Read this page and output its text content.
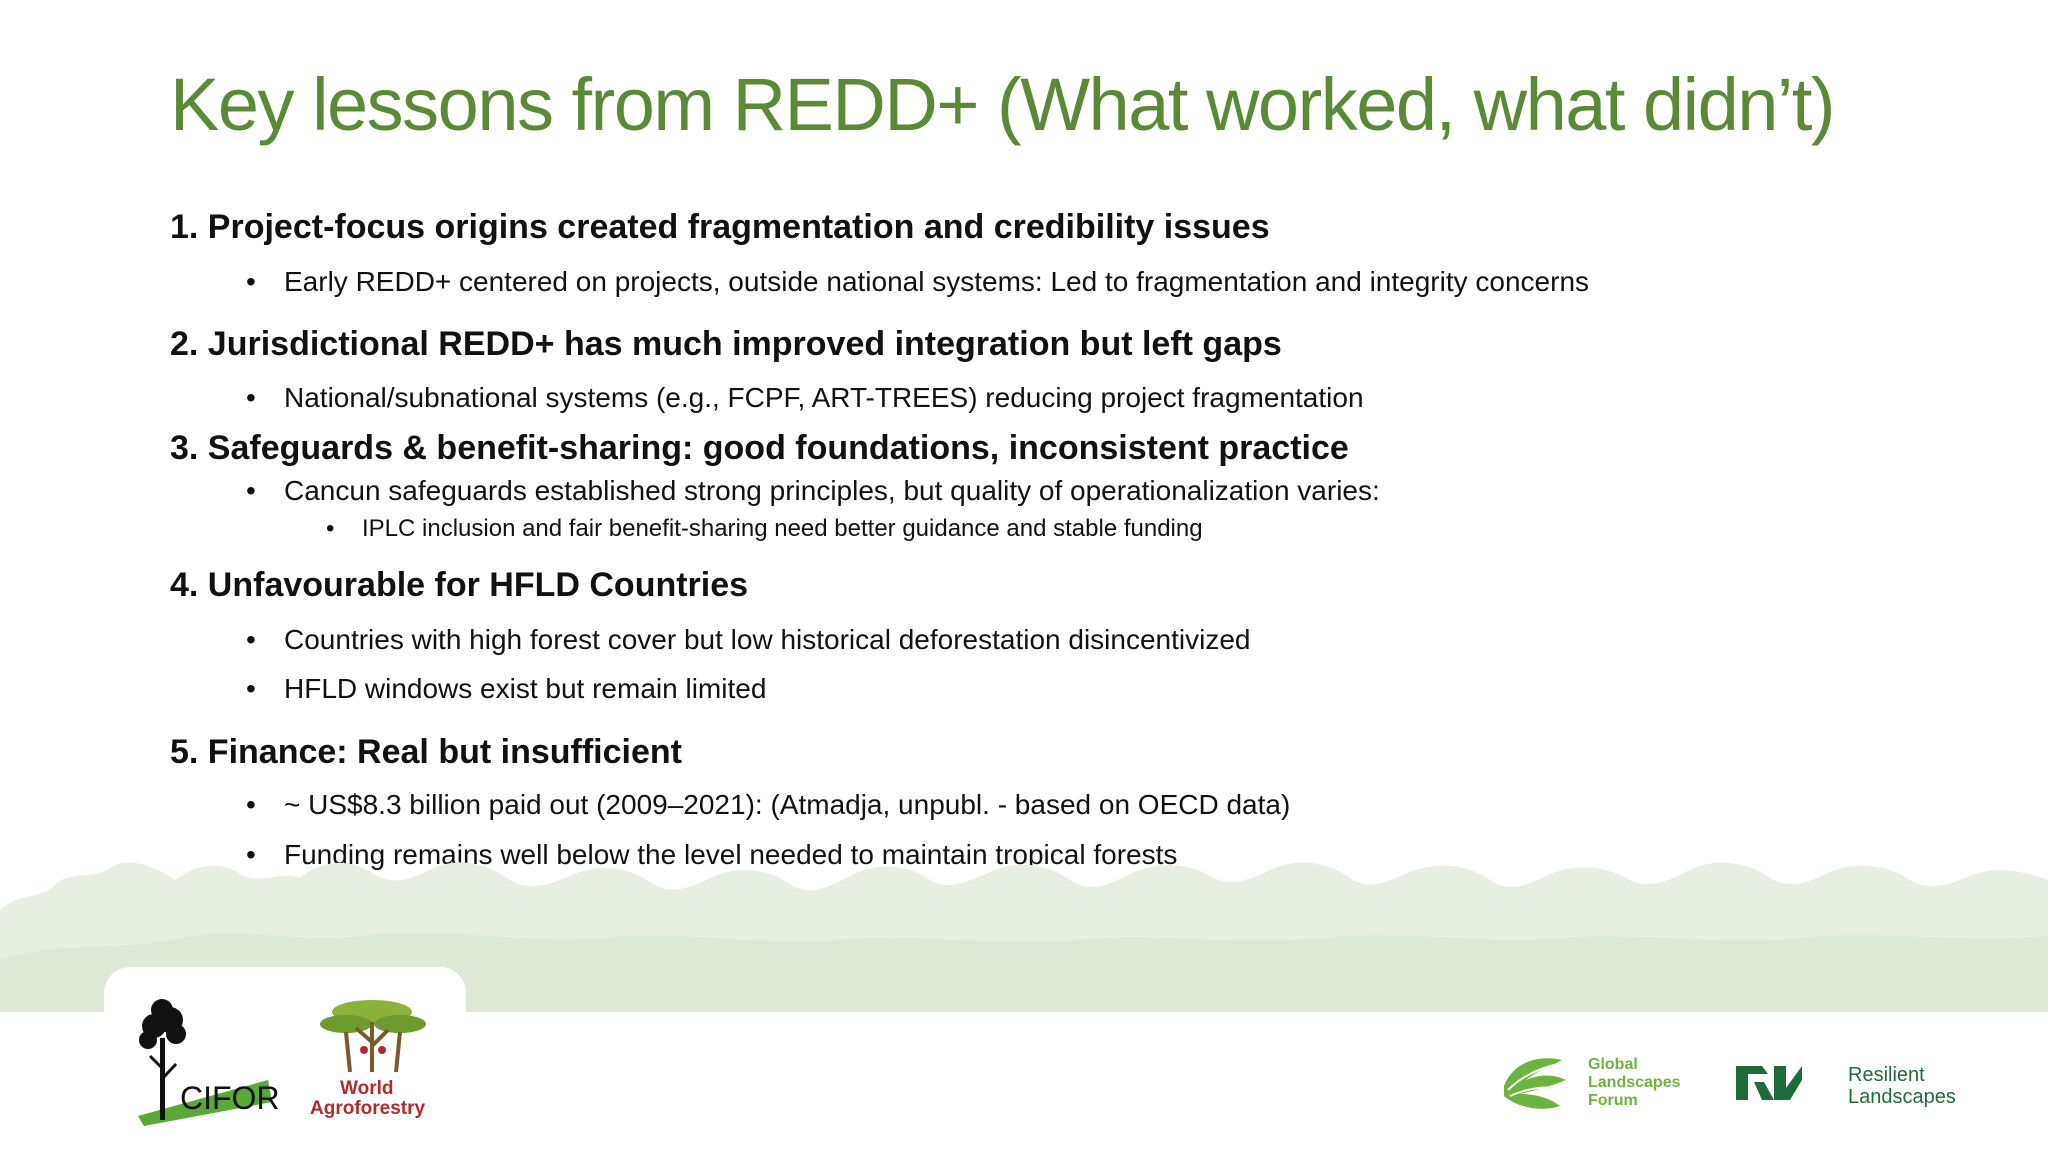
Key lessons from REDD+ (What worked, what didn’t)
1. Project-focus origins created fragmentation and credibility issues
• Early REDD+ centered on projects, outside national systems: Led to fragmentation and integrity concerns
2. Jurisdictional REDD+ has much improved integration but left gaps
• National/subnational systems (e.g., FCPF, ART-TREES) reducing project fragmentation
3. Safeguards & benefit-sharing: good foundations, inconsistent practice
• Cancun safeguards established strong principles, but quality of operationalization varies:
• IPLC inclusion and fair benefit-sharing need better guidance and stable funding
4. Unfavourable for HFLD Countries
• Countries with high forest cover but low historical deforestation disincentivized
• HFLD windows exist but remain limited
5. Finance: Real but insufficient
• ~ US$8.3 billion paid out (2009–2021): (Atmadja, unpubl. - based on OECD data)
• Funding remains well below the level needed to maintain tropical forests
CIFOR	World
Agroforestry
Global
Landscapes
Forum
Resilient
Landscapes
